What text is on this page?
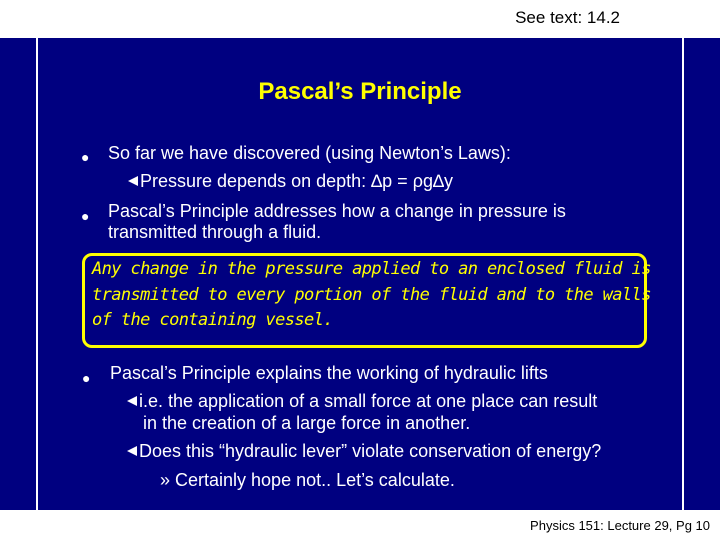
See text: 14.2
Pascal’s Principle
● So far we have discovered (using Newton’s Laws):
Pressure depends on depth: ∆p = ρg∆y
● Pascal’s Principle addresses how a change in pressure is
transmitted through a fluid.
Any change in the pressure applied to an enclosed fluid is
transmitted to every portion of the fluid and to the walls
of the containing vessel.
● Pascal’s Principle explains the working of hydraulic lifts
i.e. the application of a small force at one place can result
in the creation of a large force in another.
Does this “hydraulic lever” violate conservation of energy?
» Certainly hope not.. Let’s calculate.
Physics 151: Lecture 29, Pg 10
